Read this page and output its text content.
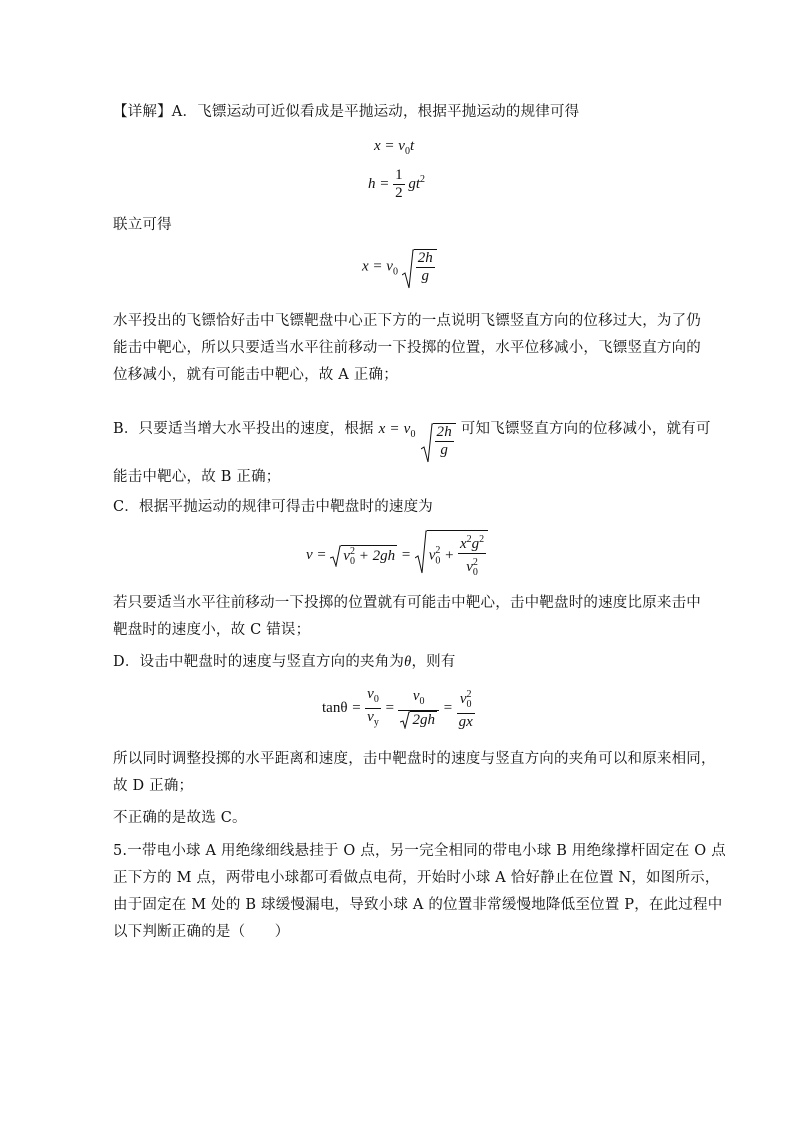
【详解】A．飞镖运动可近似看成是平抛运动，根据平抛运动的规律可得
$x = v_0t$
$h = \frac{1}{2} gt^2$
联立可得
$x = v_0 \frac{2h}{g}$
水平投出的飞镖恰好击中飞镖靶盘中心正下方的一点说明飞镖竖直方向的位移过大，为了仍
能击中靶心，所以只要适当水平往前移动一下投掷的位置，水平位移减小，飞镖竖直方向的
位移减小，就有可能击中靶心，故 A 正确；
B．只要适当增大水平投出的速度，根据 $x = v_0 \frac{2h}{g}$ 可知飞镖竖直方向的位移减小，就有可
能击中靶心，故 B 正确；
C．根据平抛运动的规律可得击中靶盘时的速度为
v =
$v_0^2 + 2gh$ =
$v_0^2 + \frac{x^2g^2}{v_0^2}$
若只要适当水平往前移动一下投掷的位置就有可能击中靶心，击中靶盘时的速度比原来击中
靶盘时的速度小，故 C 错误；
D．设击中靶盘时的速度与竖直方向的夹角为θ，则有
$\tan\theta = \frac{v_0}{v_y} = \frac{v_0}{2gh} = \frac{v_0^2}{gx}$
所以同时调整投掷的水平距离和速度，击中靶盘时的速度与竖直方向的夹角可以和原来相同，
故 D 正确；
不正确的是故选 C。
5.一带电小球 A 用绝缘细线悬挂于 O 点，另一完全相同的带电小球 B 用绝缘撑杆固定在 O 点
正下方的 M 点，两带电小球都可看做点电荷，开始时小球 A 恰好静止在位置 N，如图所示，
由于固定在 M 处的 B 球缓慢漏电，导致小球 A 的位置非常缓慢地降低至位置 P，在此过程中
以下判断正确的是（　　）
